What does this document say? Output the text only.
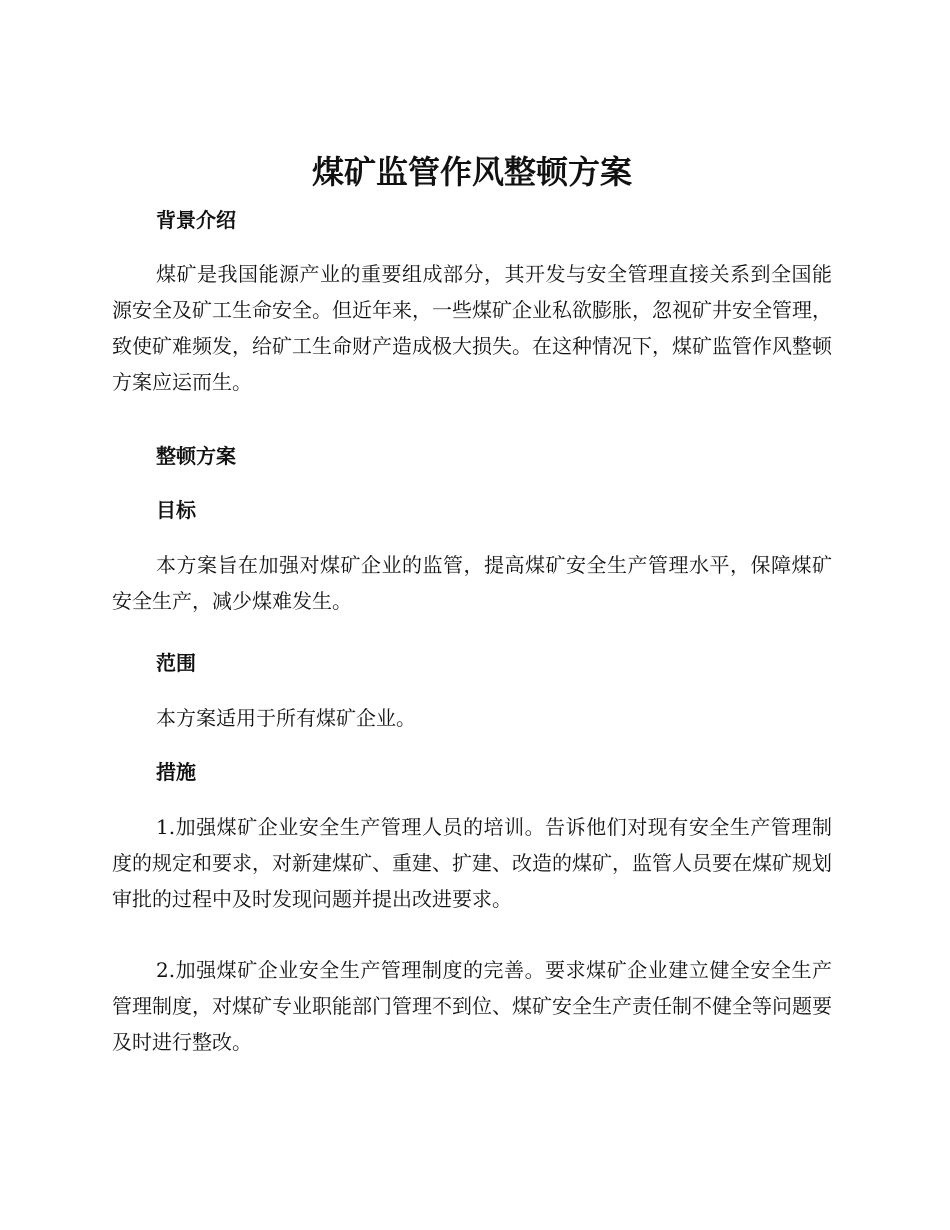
煤矿监管作风整顿方案
背景介绍

煤矿是我国能源产业的重要组成部分，其开发与安全管理直接关系到全国能源安全及矿工生命安全。但近年来，一些煤矿企业私欲膨胀，忽视矿井安全管理，致使矿难频发，给矿工生命财产造成极大损失。在这种情况下，煤矿监管作风整顿方案应运而生。

整顿方案
目标

本方案旨在加强对煤矿企业的监管，提高煤矿安全生产管理水平，保障煤矿安全生产，减少煤难发生。

范围

本方案适用于所有煤矿企业。

措施

1.加强煤矿企业安全生产管理人员的培训。告诉他们对现有安全生产管理制度的规定和要求，对新建煤矿、重建、扩建、改造的煤矿，监管人员要在煤矿规划审批的过程中及时发现问题并提出改进要求。

2.加强煤矿企业安全生产管理制度的完善。要求煤矿企业建立健全安全生产管理制度，对煤矿专业职能部门管理不到位、煤矿安全生产责任制不健全等问题要及时进行整改。
